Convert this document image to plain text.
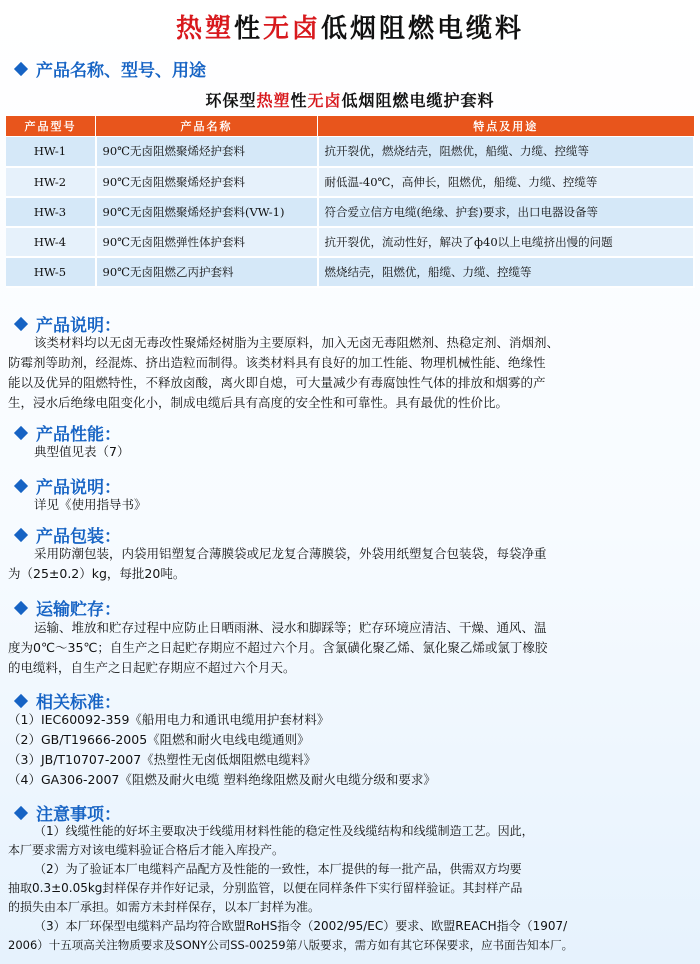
热塑性无卤低烟阻燃电缆料
产品名称、型号、用途
环保型热塑性无卤低烟阻燃电缆护套料
产品型号	产品名称	特点及用途
HW-1	90℃无卤阻燃聚烯烃护套料	抗开裂优，燃烧结壳，阻燃优，船缆、力缆、控缆等
HW-2	90℃无卤阻燃聚烯烃护套料	耐低温-40℃，高伸长，阻燃优，船缆、力缆、控缆等
HW-3	90℃无卤阻燃聚烯烃护套料(VW-1)	符合爱立信方电缆(绝缘、护套)要求，出口电器设备等
HW-4	90℃无卤阻燃弹性体护套料	抗开裂优，流动性好，解决了ф40以上电缆挤出慢的问题
HW-5	90℃无卤阻燃乙丙护套料	燃烧结壳，阻燃优，船缆、力缆、控缆等
产品说明：
该类材料均以无卤无毒改性聚烯烃树脂为主要原料，加入无卤无毒阻燃剂、热稳定剂、消烟剂、
防霉剂等助剂，经混炼、挤出造粒而制得。该类材料具有良好的加工性能、物理机械性能、绝缘性
能以及优异的阻燃特性，不释放卤酸，离火即自熄，可大量减少有毒腐蚀性气体的排放和烟雾的产
生，浸水后绝缘电阻变化小，制成电缆后具有高度的安全性和可靠性。具有最优的性价比。
产品性能：
典型值见表（7）
产品说明：
详见《使用指导书》
产品包装：
采用防潮包装，内袋用铝塑复合薄膜袋或尼龙复合薄膜袋，外袋用纸塑复合包装袋，每袋净重
为（25±0.2）kg，每批20吨。
运输贮存：
运输、堆放和贮存过程中应防止日晒雨淋、浸水和脚踩等；贮存环境应清洁、干燥、通风、温
度为0℃～35℃；自生产之日起贮存期应不超过六个月。含氯磺化聚乙烯、氯化聚乙烯或氯丁橡胶
的电缆料，自生产之日起贮存期应不超过六个月天。
相关标准：
（1）IEC60092-359《船用电力和通讯电缆用护套材料》
（2）GB/T19666-2005《阻燃和耐火电线电缆通则》
（3）JB/T10707-2007《热塑性无卤低烟阻燃电缆料》
（4）GA306-2007《阻燃及耐火电缆 塑料绝缘阻燃及耐火电缆分级和要求》
注意事项：
（1）线缆性能的好坏主要取决于线缆用材料性能的稳定性及线缆结构和线缆制造工艺。因此，
本厂要求需方对该电缆料验证合格后才能入库投产。
（2）为了验证本厂电缆料产品配方及性能的一致性，本厂提供的每一批产品，供需双方均要
抽取0.3±0.05kg封样保存并作好记录，分别监管，以便在同样条件下实行留样验证。其封样产品
的损失由本厂承担。如需方未封样保存，以本厂封样为准。
（3）本厂环保型电缆料产品均符合欧盟RoHS指令（2002/95/EC）要求、欧盟REACH指令（1907/
2006）十五项高关注物质要求及SONY公司SS-00259第八版要求，需方如有其它环保要求，应书面告知本厂。
